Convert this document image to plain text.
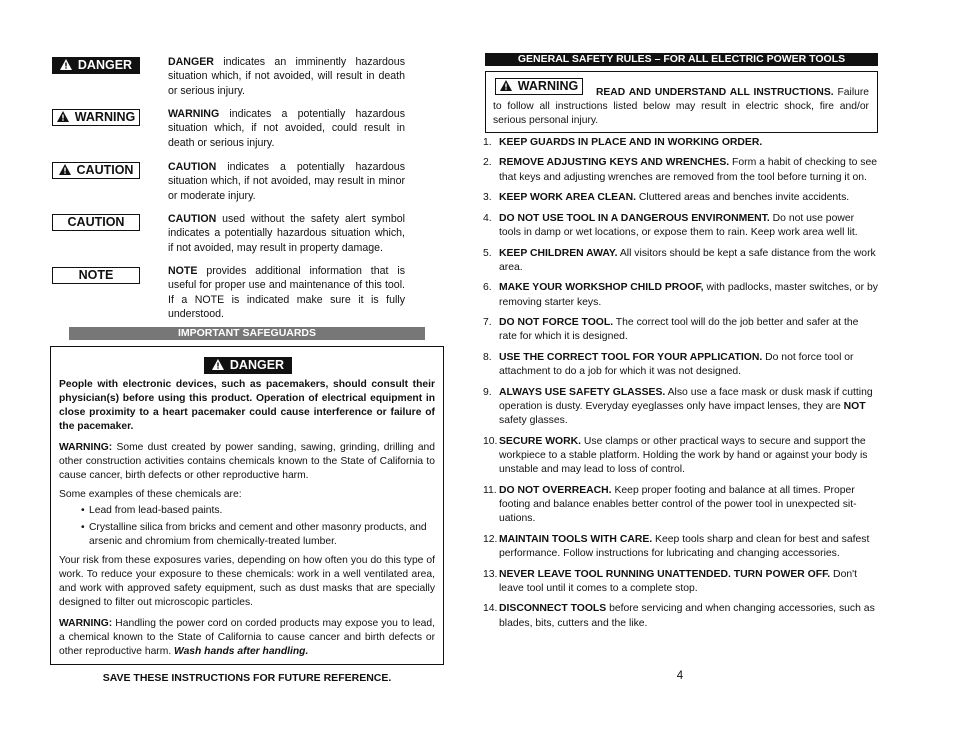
DANGER	DANGER indicates an imminently hazardous situation which, if not avoided, will result in death or serious injury.
WARNING	WARNING indicates a potentially hazardous situation which, if not avoided, could result in death or serious injury.
CAUTION	CAUTION indicates a potentially hazardous situation which, if not avoided, may result in minor or moderate injury.
CAUTION	CAUTION used without the safety alert symbol indicates a potentially hazardous situation which, if not avoided, may result in property damage.
NOTE	NOTE provides additional information that is useful for proper use and maintenance of this tool. If a NOTE is indicated make sure it is fully understood.
IMPORTANT SAFEGUARDS
DANGER

People with electronic devices, such as pacemakers, should consult their physician(s) before using this product. Operation of electrical equipment in close proximity to a heart pacemaker could cause interference or failure of the pacemaker.

WARNING: Some dust created by power sanding, sawing, grinding, drilling and other construction activities contains chemicals known to the State of California to cause cancer, birth defects or other reproductive harm.

Some examples of these chemicals are:

• Lead from lead-based paints.
• Crystalline silica from bricks and cement and other masonry products, and arsenic and chromium from chemically-treated lumber.

Your risk from these exposures varies, depending on how often you do this type of work. To reduce your exposure to these chemicals: work in a well ventilated area, and work with approved safety equipment, such as dust masks that are specially designed to filter out microscopic particles.

WARNING: Handling the power cord on corded products may expose you to lead, a chemical known to the State of California to cause cancer and birth defects or other reproductive harm. Wash hands after handling.

SAVE THESE INSTRUCTIONS FOR FUTURE REFERENCE.	4
GENERAL SAFETY RULES – FOR ALL ELECTRIC POWER TOOLS
WARNING	READ AND UNDERSTAND ALL INSTRUCTIONS. Failure to follow all instructions listed below may result in electric shock, fire and/or serious personal injury.
1. KEEP GUARDS IN PLACE AND IN WORKING ORDER.
2. REMOVE ADJUSTING KEYS AND WRENCHES. Form a habit of checking to see that keys and adjusting wrenches are removed from the tool before turning it on.
3. KEEP WORK AREA CLEAN. Cluttered areas and benches invite accidents.
4. DO NOT USE TOOL IN A DANGEROUS ENVIRONMENT. Do not use power tools in damp or wet locations, or expose them to rain. Keep work area well lit.
5. KEEP CHILDREN AWAY. All visitors should be kept a safe distance from the work area.
6. MAKE YOUR WORKSHOP CHILD PROOF, with padlocks, master switches, or by removing starter keys.
7. DO NOT FORCE TOOL. The correct tool will do the job better and safer at the rate for which it is designed.
8. USE THE CORRECT TOOL FOR YOUR APPLICATION. Do not force tool or attachment to do a job for which it was not designed.
9. ALWAYS USE SAFETY GLASSES. Also use a face mask or dusk mask if cutting operation is dusty. Everyday eyeglasses only have impact lenses, they are NOT safety glasses.
10. SECURE WORK. Use clamps or other practical ways to secure and support the workpiece to a stable platform. Holding the work by hand or against your body is unstable and may lead to loss of control.
11. DO NOT OVERREACH. Keep proper footing and balance at all times. Proper footing and balance enables better control of the power tool in unexpected sit-uations.
12. MAINTAIN TOOLS WITH CARE. Keep tools sharp and clean for best and safest performance. Follow instructions for lubricating and changing accessories.
13. NEVER LEAVE TOOL RUNNING UNATTENDED. TURN POWER OFF. Don't leave tool until it comes to a complete stop.
14. DISCONNECT TOOLS before servicing and when changing accessories, such as blades, bits, cutters and the like.
